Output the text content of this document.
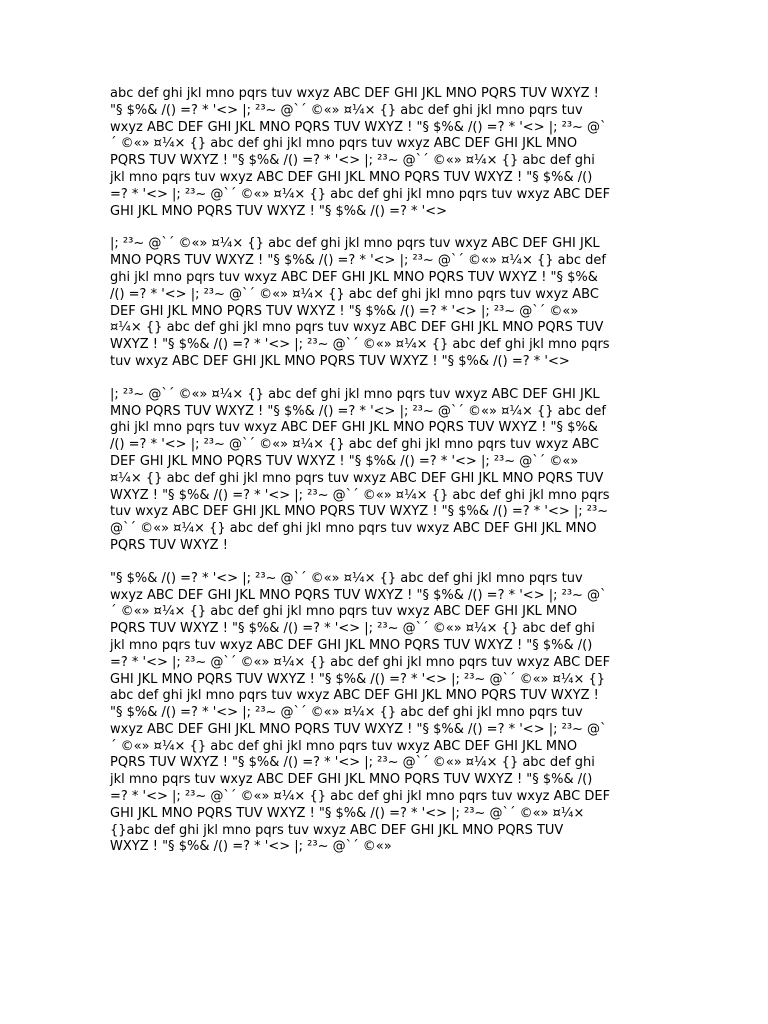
abc def ghi jkl mno pqrs tuv wxyz ABC DEF GHI JKL MNO PQRS TUV WXYZ !
"§ $%& /() =? * '<> |; ²³~ @`´ ©«» ¤¼× {} abc def ghi jkl mno pqrs tuv
wxyz ABC DEF GHI JKL MNO PQRS TUV WXYZ ! "§ $%& /() =? * '<> |; ²³~ @`
´ ©«» ¤¼× {} abc def ghi jkl mno pqrs tuv wxyz ABC DEF GHI JKL MNO
PQRS TUV WXYZ ! "§ $%& /() =? * '<> |; ²³~ @`´ ©«» ¤¼× {} abc def ghi
jkl mno pqrs tuv wxyz ABC DEF GHI JKL MNO PQRS TUV WXYZ ! "§ $%& /()
=? * '<> |; ²³~ @`´ ©«» ¤¼× {} abc def ghi jkl mno pqrs tuv wxyz ABC DEF
GHI JKL MNO PQRS TUV WXYZ ! "§ $%& /() =? * '<>

|; ²³~ @`´ ©«» ¤¼× {} abc def ghi jkl mno pqrs tuv wxyz ABC DEF GHI JKL
MNO PQRS TUV WXYZ ! "§ $%& /() =? * '<> |; ²³~ @`´ ©«» ¤¼× {} abc def
ghi jkl mno pqrs tuv wxyz ABC DEF GHI JKL MNO PQRS TUV WXYZ ! "§ $%&
/() =? * '<> |; ²³~ @`´ ©«» ¤¼× {} abc def ghi jkl mno pqrs tuv wxyz ABC
DEF GHI JKL MNO PQRS TUV WXYZ ! "§ $%& /() =? * '<> |; ²³~ @`´ ©«»
¤¼× {} abc def ghi jkl mno pqrs tuv wxyz ABC DEF GHI JKL MNO PQRS TUV
WXYZ ! "§ $%& /() =? * '<> |; ²³~ @`´ ©«» ¤¼× {} abc def ghi jkl mno pqrs
tuv wxyz ABC DEF GHI JKL MNO PQRS TUV WXYZ ! "§ $%& /() =? * '<>

|; ²³~ @`´ ©«» ¤¼× {} abc def ghi jkl mno pqrs tuv wxyz ABC DEF GHI JKL
MNO PQRS TUV WXYZ ! "§ $%& /() =? * '<> |; ²³~ @`´ ©«» ¤¼× {} abc def
ghi jkl mno pqrs tuv wxyz ABC DEF GHI JKL MNO PQRS TUV WXYZ ! "§ $%&
/() =? * '<> |; ²³~ @`´ ©«» ¤¼× {} abc def ghi jkl mno pqrs tuv wxyz ABC
DEF GHI JKL MNO PQRS TUV WXYZ ! "§ $%& /() =? * '<> |; ²³~ @`´ ©«»
¤¼× {} abc def ghi jkl mno pqrs tuv wxyz ABC DEF GHI JKL MNO PQRS TUV
WXYZ ! "§ $%& /() =? * '<> |; ²³~ @`´ ©«» ¤¼× {} abc def ghi jkl mno pqrs
tuv wxyz ABC DEF GHI JKL MNO PQRS TUV WXYZ ! "§ $%& /() =? * '<> |; ²³~
@`´ ©«» ¤¼× {} abc def ghi jkl mno pqrs tuv wxyz ABC DEF GHI JKL MNO
PQRS TUV WXYZ !

"§ $%& /() =? * '<> |; ²³~ @`´ ©«» ¤¼× {} abc def ghi jkl mno pqrs tuv
wxyz ABC DEF GHI JKL MNO PQRS TUV WXYZ ! "§ $%& /() =? * '<> |; ²³~ @`
´ ©«» ¤¼× {} abc def ghi jkl mno pqrs tuv wxyz ABC DEF GHI JKL MNO
PQRS TUV WXYZ ! "§ $%& /() =? * '<> |; ²³~ @`´ ©«» ¤¼× {} abc def ghi
jkl mno pqrs tuv wxyz ABC DEF GHI JKL MNO PQRS TUV WXYZ ! "§ $%& /()
=? * '<> |; ²³~ @`´ ©«» ¤¼× {} abc def ghi jkl mno pqrs tuv wxyz ABC DEF
GHI JKL MNO PQRS TUV WXYZ ! "§ $%& /() =? * '<> |; ²³~ @`´ ©«» ¤¼× {}
abc def ghi jkl mno pqrs tuv wxyz ABC DEF GHI JKL MNO PQRS TUV WXYZ !
"§ $%& /() =? * '<> |; ²³~ @`´ ©«» ¤¼× {} abc def ghi jkl mno pqrs tuv
wxyz ABC DEF GHI JKL MNO PQRS TUV WXYZ ! "§ $%& /() =? * '<> |; ²³~ @`
´ ©«» ¤¼× {} abc def ghi jkl mno pqrs tuv wxyz ABC DEF GHI JKL MNO
PQRS TUV WXYZ ! "§ $%& /() =? * '<> |; ²³~ @`´ ©«» ¤¼× {} abc def ghi
jkl mno pqrs tuv wxyz ABC DEF GHI JKL MNO PQRS TUV WXYZ ! "§ $%& /()
=? * '<> |; ²³~ @`´ ©«» ¤¼× {} abc def ghi jkl mno pqrs tuv wxyz ABC DEF
GHI JKL MNO PQRS TUV WXYZ ! "§ $%& /() =? * '<> |; ²³~ @`´ ©«» ¤¼×
{}abc def ghi jkl mno pqrs tuv wxyz ABC DEF GHI JKL MNO PQRS TUV
WXYZ ! "§ $%& /() =? * '<> |; ²³~ @`´ ©«»
